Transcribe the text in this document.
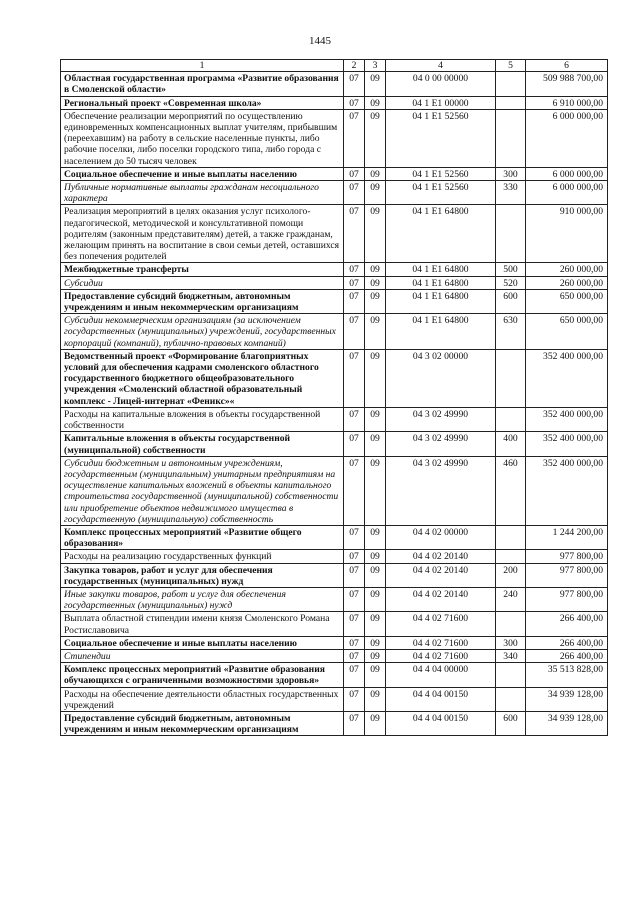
1445
1	2	3	4	5	6
Областная государственная программа «Развитие образования в Смоленской области»	07	09	04 0 00 00000		509 988 700,00
Региональный проект «Современная школа»	07	09	04 1 Е1 00000		6 910 000,00
Обеспечение реализации мероприятий по осуществлению единовременных компенсационных выплат учителям, прибывшим (переехавшим) на работу в сельские населенные пункты, либо рабочие поселки, либо поселки городского типа, либо города с населением до 50 тысяч человек	07	09	04 1 Е1 52560		6 000 000,00
Социальное обеспечение и иные выплаты населению	07	09	04 1 Е1 52560	300	6 000 000,00
Публичные нормативные выплаты гражданам несоциального характера	07	09	04 1 Е1 52560	330	6 000 000,00
Реализация мероприятий в целях оказания услуг психолого-педагогической, методической и консультативной помощи родителям (законным представителям) детей, а также гражданам, желающим принять на воспитание в свои семьи детей, оставшихся без попечения родителей	07	09	04 1 Е1 64800		910 000,00
Межбюджетные трансферты	07	09	04 1 Е1 64800	500	260 000,00
Субсидии	07	09	04 1 Е1 64800	520	260 000,00
Предоставление субсидий бюджетным, автономным учреждениям и иным некоммерческим организациям	07	09	04 1 Е1 64800	600	650 000,00
Субсидии некоммерческим организациям (за исключением государственных (муниципальных) учреждений, государственных корпораций (компаний), публично-правовых компаний)	07	09	04 1 Е1 64800	630	650 000,00
Ведомственный проект «Формирование благоприятных условий для обеспечения кадрами смоленского областного государственного бюджетного общеобразовательного учреждения «Смоленский областной образовательный комплекс - Лицей-интернат «Феникс»«	07	09	04 3 02 00000		352 400 000,00
Расходы на капитальные вложения в объекты государственной собственности	07	09	04 3 02 49990		352 400 000,00
Капитальные вложения в объекты государственной (муниципальной) собственности	07	09	04 3 02 49990	400	352 400 000,00
Субсидии бюджетным и автономным учреждениям, государственным (муниципальным) унитарным предприятиям на осуществление капитальных вложений в объекты капитального строительства государственной (муниципальной) собственности или приобретение объектов недвижимого имущества в государственную (муниципальную) собственность	07	09	04 3 02 49990	460	352 400 000,00
Комплекс процессных мероприятий «Развитие общего образования»	07	09	04 4 02 00000		1 244 200,00
Расходы на реализацию государственных функций	07	09	04 4 02 20140		977 800,00
Закупка товаров, работ и услуг для обеспечения государственных (муниципальных) нужд	07	09	04 4 02 20140	200	977 800,00
Иные закупки товаров, работ и услуг для обеспечения государственных (муниципальных) нужд	07	09	04 4 02 20140	240	977 800,00
Выплата областной стипендии имени князя Смоленского Романа Ростиславовича	07	09	04 4 02 71600		266 400,00
Социальное обеспечение и иные выплаты населению	07	09	04 4 02 71600	300	266 400,00
Стипендии	07	09	04 4 02 71600	340	266 400,00
Комплекс процессных мероприятий «Развитие образования обучающихся с ограниченными возможностями здоровья»	07	09	04 4 04 00000		35 513 828,00
Расходы на обеспечение деятельности областных государственных учреждений	07	09	04 4 04 00150		34 939 128,00
Предоставление субсидий бюджетным, автономным учреждениям и иным некоммерческим организациям	07	09	04 4 04 00150	600	34 939 128,00
